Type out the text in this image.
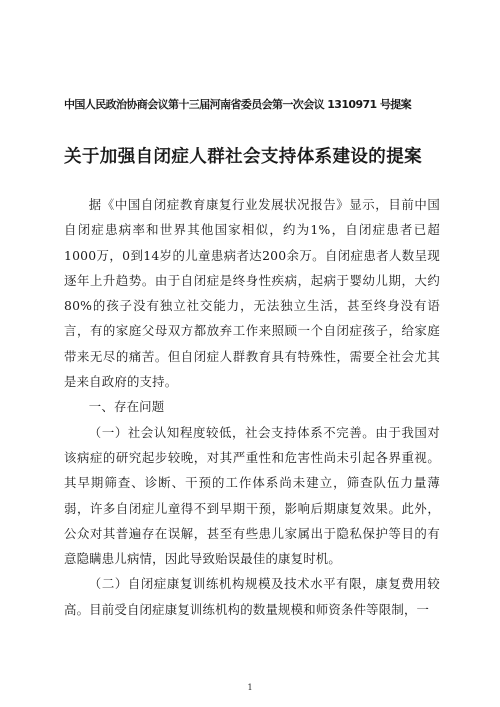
中国人民政治协商会议第十三届河南省委员会第一次会议 1310971 号提案
关于加强自闭症人群社会支持体系建设的提案

据《中国自闭症教育康复行业发展状况报告》显示，目前中国自闭症患病率和世界其他国家相似，约为1%，自闭症患者已超1000万，0到14岁的儿童患病者达200余万。自闭症患者人数呈现逐年上升趋势。由于自闭症是终身性疾病，起病于婴幼儿期，大约80%的孩子没有独立社交能力，无法独立生活，甚至终身没有语言，有的家庭父母双方都放弃工作来照顾一个自闭症孩子，给家庭带来无尽的痛苦。但自闭症人群教育具有特殊性，需要全社会尤其是来自政府的支持。

一、存在问题

（一）社会认知程度较低，社会支持体系不完善。由于我国对该病症的研究起步较晚，对其严重性和危害性尚未引起各界重视。其早期筛查、诊断、干预的工作体系尚未建立，筛查队伍力量薄弱，许多自闭症儿童得不到早期干预，影响后期康复效果。此外，公众对其普遍存在误解，甚至有些患儿家属出于隐私保护等目的有意隐瞒患儿病情，因此导致贻误最佳的康复时机。

（二）自闭症康复训练机构规模及技术水平有限，康复费用较高。目前受自闭症康复训练机构的数量规模和师资条件等限制，一

1
